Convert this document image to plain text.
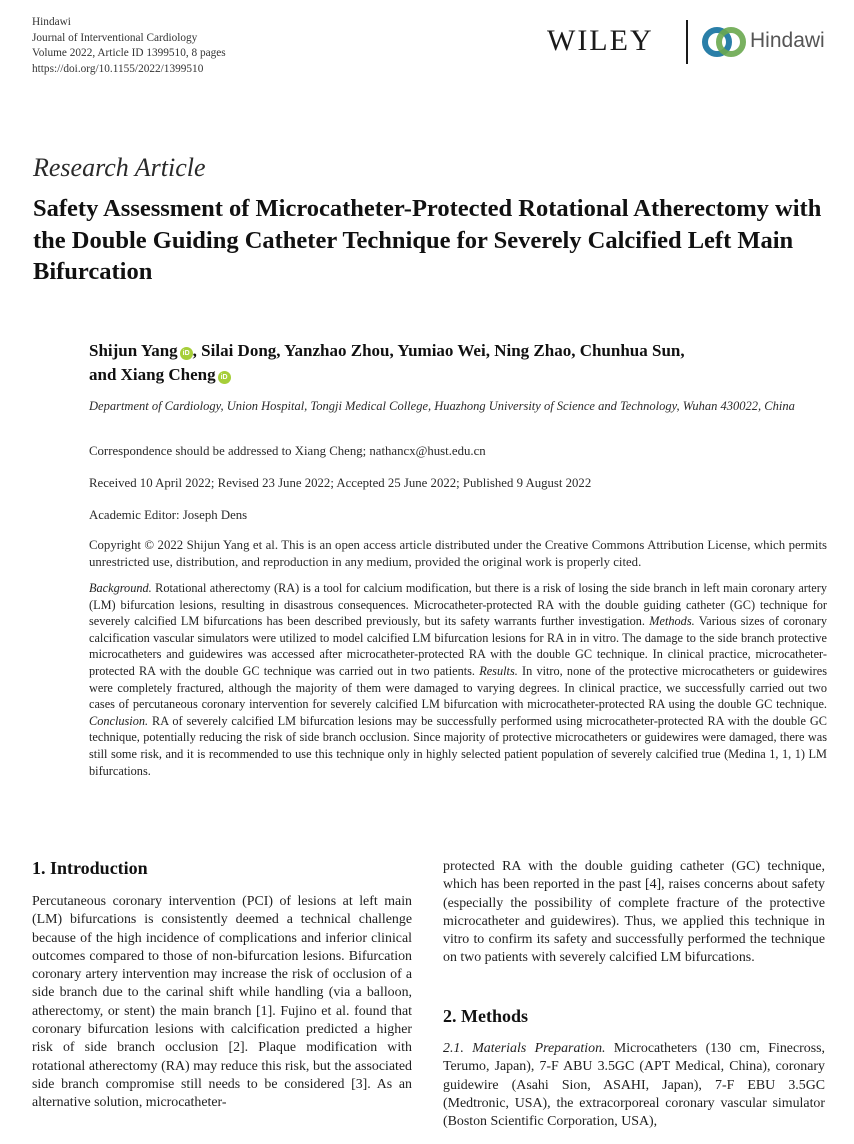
Hindawi
Journal of Interventional Cardiology
Volume 2022, Article ID 1399510, 8 pages
https://doi.org/10.1155/2022/1399510
WILEY	Hindawi
Research Article
Safety Assessment of Microcatheter-Protected Rotational Atherectomy with the Double Guiding Catheter Technique for Severely Calcified Left Main Bifurcation
Shijun Yang iD , Silai Dong, Yanzhao Zhou, Yumiao Wei, Ning Zhao, Chunhua Sun,
and Xiang Cheng iD
Department of Cardiology, Union Hospital, Tongji Medical College, Huazhong University of Science and Technology, Wuhan 430022, China
Correspondence should be addressed to Xiang Cheng; nathancx@hust.edu.cn
Received 10 April 2022; Revised 23 June 2022; Accepted 25 June 2022; Published 9 August 2022
Academic Editor: Joseph Dens
Copyright © 2022 Shijun Yang et al. This is an open access article distributed under the Creative Commons Attribution License, which permits unrestricted use, distribution, and reproduction in any medium, provided the original work is properly cited.
Background. Rotational atherectomy (RA) is a tool for calcium modification, but there is a risk of losing the side branch in left main coronary artery (LM) bifurcation lesions, resulting in disastrous consequences. Microcatheter-protected RA with the double guiding catheter (GC) technique for severely calcified LM bifurcations has been described previously, but its safety warrants further investigation. Methods. Various sizes of coronary calcification vascular simulators were utilized to model calcified LM bifurcation lesions for RA in in vitro. The damage to the side branch protective microcatheters and guidewires was accessed after microcatheter-protected RA with the double GC technique. In clinical practice, microcatheter-protected RA with the double GC technique was carried out in two patients. Results. In vitro, none of the protective microcatheters or guidewires were completely fractured, although the majority of them were damaged to varying degrees. In clinical practice, we successfully carried out two cases of percutaneous coronary intervention for severely calcified LM bifurcation with microcatheter-protected RA using the double GC technique. Conclusion. RA of severely calcified LM bifurcation lesions may be successfully performed using microcatheter-protected RA with the double GC technique, potentially reducing the risk of side branch occlusion. Since majority of protective microcatheters or guidewires were damaged, there was still some risk, and it is recommended to use this technique only in highly selected patient population of severely calcified true (Medina 1, 1, 1) LM bifurcations.
1. Introduction
Percutaneous coronary intervention (PCI) of lesions at left main (LM) bifurcations is consistently deemed a technical challenge because of the high incidence of complications and inferior clinical outcomes compared to those of non-bifurcation lesions. Bifurcation coronary artery intervention may increase the risk of occlusion of a side branch due to the carinal shift while handling (via a balloon, atherectomy, or stent) the main branch [1]. Fujino et al. found that coronary bifurcation lesions with calcification predicted a higher risk of side branch occlusion [2]. Plaque modification with rotational atherectomy (RA) may reduce this risk, but the associated side branch compromise still needs to be considered [3]. As an alternative solution, microcatheter-
protected RA with the double guiding catheter (GC) technique, which has been reported in the past [4], raises concerns about safety (especially the possibility of complete fracture of the protective microcatheter and guidewires). Thus, we applied this technique in vitro to confirm its safety and successfully performed the technique on two patients with severely calcified LM bifurcations.
2. Methods
2.1. Materials Preparation. Microcatheters (130 cm, Finecross, Terumo, Japan), 7-F ABU 3.5GC (APT Medical, China), coronary guidewire (Asahi Sion, ASAHI, Japan), 7-F EBU 3.5GC (Medtronic, USA), the extracorporeal coronary vascular simulator (Boston Scientific Corporation, USA),
